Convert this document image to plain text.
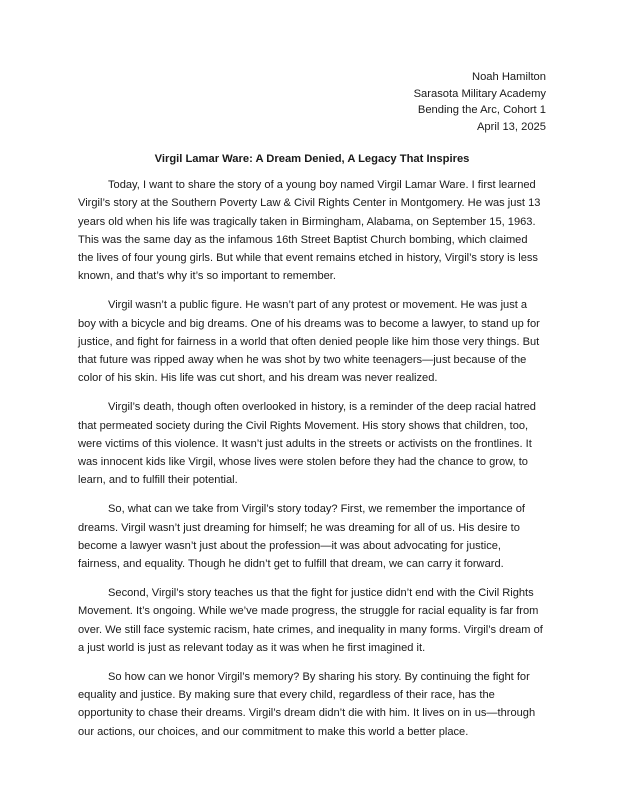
Noah Hamilton
Sarasota Military Academy
Bending the Arc, Cohort 1
April 13, 2025
Virgil Lamar Ware: A Dream Denied, A Legacy That Inspires

Today, I want to share the story of a young boy named Virgil Lamar Ware. I first learned Virgil’s story at the Southern Poverty Law & Civil Rights Center in Montgomery. He was just 13 years old when his life was tragically taken in Birmingham, Alabama, on September 15, 1963. This was the same day as the infamous 16th Street Baptist Church bombing, which claimed the lives of four young girls. But while that event remains etched in history, Virgil’s story is less known, and that’s why it’s so important to remember.

Virgil wasn’t a public figure. He wasn’t part of any protest or movement. He was just a boy with a bicycle and big dreams. One of his dreams was to become a lawyer, to stand up for justice, and fight for fairness in a world that often denied people like him those very things. But that future was ripped away when he was shot by two white teenagers—just because of the color of his skin. His life was cut short, and his dream was never realized.

Virgil’s death, though often overlooked in history, is a reminder of the deep racial hatred that permeated society during the Civil Rights Movement. His story shows that children, too, were victims of this violence. It wasn’t just adults in the streets or activists on the frontlines. It was innocent kids like Virgil, whose lives were stolen before they had the chance to grow, to learn, and to fulfill their potential.

So, what can we take from Virgil’s story today? First, we remember the importance of dreams. Virgil wasn’t just dreaming for himself; he was dreaming for all of us. His desire to become a lawyer wasn’t just about the profession—it was about advocating for justice, fairness, and equality. Though he didn’t get to fulfill that dream, we can carry it forward.

Second, Virgil’s story teaches us that the fight for justice didn’t end with the Civil Rights Movement. It’s ongoing. While we’ve made progress, the struggle for racial equality is far from over. We still face systemic racism, hate crimes, and inequality in many forms. Virgil’s dream of a just world is just as relevant today as it was when he first imagined it.

So how can we honor Virgil’s memory? By sharing his story. By continuing the fight for equality and justice. By making sure that every child, regardless of their race, has the opportunity to chase their dreams. Virgil’s dream didn’t die with him. It lives on in us—through our actions, our choices, and our commitment to make this world a better place.
